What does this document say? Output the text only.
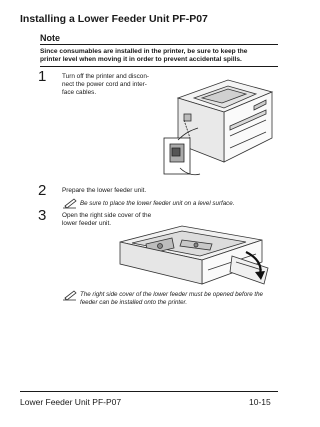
Installing a Lower Feeder Unit PF-P07
Note
Since consumables are installed in the printer, be sure to keep the
printer level when moving it in order to prevent accidental spills.
1 Turn off the printer and discon-
nect the power cord and inter-
face cables.
2 Prepare the lower feeder unit.
Be sure to place the lower feeder unit on a level surface.
3 Open the right side cover of the
lower feeder unit.
The right side cover of the lower feeder must be opened before the
feeder can be installed onto the printer.
Lower Feeder Unit PF-P07	10-15
